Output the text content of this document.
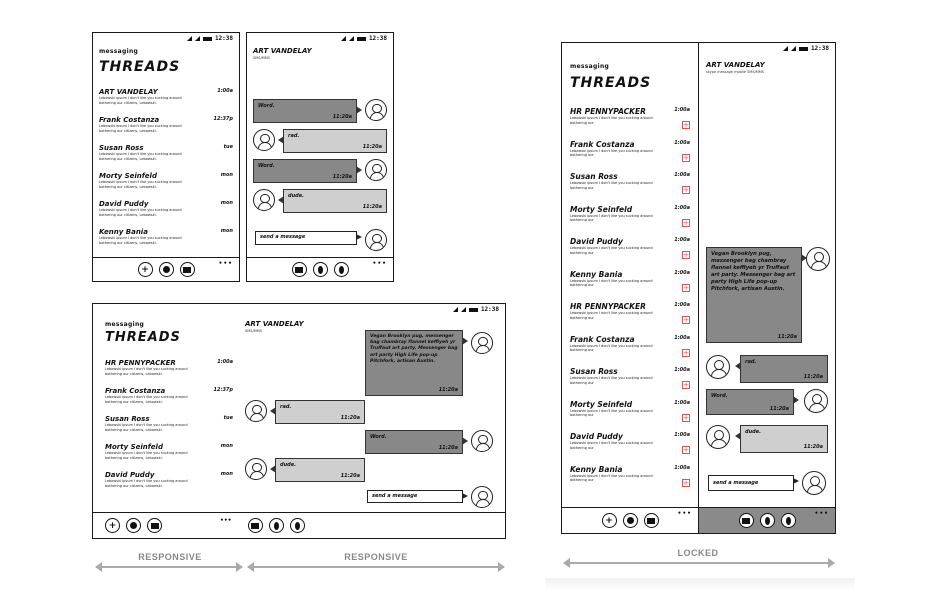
12:38
messaging
THREADS
ART VANDELAY	1:00a
Lebowski ipsum I don't like you sucking around bothering our citizens, Lebowski.
Frank Costanza	12:37p
Lebowski ipsum I don't like you sucking around bothering our citizens, Lebowski.
Susan Ross	tue
Lebowski ipsum I don't like you sucking around bothering our citizens, Lebowski.
Morty Seinfeld	mon
Lebowski ipsum I don't like you sucking around bothering our citizens, Lebowski.
David Puddy	mon
Lebowski ipsum I don't like you sucking around bothering our citizens, Lebowski.
Kenny Bania	mon
Lebowski ipsum I don't like you sucking around bothering our citizens, Lebowski.
+
•••
12:38
ART VANDELAY
SMS/MMS
Word.
11:20a
rad.
11:20a
Word.
11:20a
dude.
11:20a
send a message
•••
12:38
messaging
THREADS
ART VANDELAY
SMS/MMS
HR PENNYPACKER	1:00a
Lebowski ipsum I don't like you sucking around bothering our citizens, Lebowski.
Frank Costanza	12:37p
Lebowski ipsum I don't like you sucking around bothering our citizens, Lebowski.
Susan Ross	tue
Lebowski ipsum I don't like you sucking around bothering our citizens, Lebowski.
Morty Seinfeld	mon
Lebowski ipsum I don't like you sucking around bothering our citizens, Lebowski.
David Puddy	mon
Lebowski ipsum I don't like you sucking around bothering our citizens, Lebowski.
Vegan Brooklyn pug, messenger bag chambray flannel keffiyeh yr Truffaut art party. Messenger bag art party High Life pop-up Pitchfork, artisan Austin.
11:20a
rad.
11:20a
Word.
11:20a
dude.
11:20a
send a message
+	•••
12:38
messaging
THREADS
ART VANDELAY
skype message mobile SMS/MMS
HR PENNYPACKER	1:00a
Lebowski ipsum I don't like you sucking around bothering our	+
Frank Costanza	1:00a
Lebowski ipsum I don't like you sucking around bothering our	+
Susan Ross	1:00a
Lebowski ipsum I don't like you sucking around bothering our	+
Morty Seinfeld	1:00a
Lebowski ipsum I don't like you sucking around bothering our	+
David Puddy	1:00a
Lebowski ipsum I don't like you sucking around bothering our	+
Kenny Bania	1:00a
Lebowski ipsum I don't like you sucking around bothering our	+
HR PENNYPACKER	1:00a
Lebowski ipsum I don't like you sucking around bothering our	+
Frank Costanza	1:00a
Lebowski ipsum I don't like you sucking around bothering our	+
Susan Ross	1:00a
Lebowski ipsum I don't like you sucking around bothering our	+
Morty Seinfeld	1:00a
Lebowski ipsum I don't like you sucking around bothering our	+
David Puddy	1:00a
Lebowski ipsum I don't like you sucking around bothering our	+
Kenny Bania	1:00a
Lebowski ipsum I don't like you sucking around bothering our	+
Vegan Brooklyn pug, messenger bag chambray flannel keffiyeh yr Truffaut art party. Messenger bag art party High Life pop-up Pitchfork, artisan Austin.
11:20a
rad.
11:20a
Word.
11:20a
dude.
11:20a
send a message
+
•••	•••
RESPONSIVE	RESPONSIVE	LOCKED
